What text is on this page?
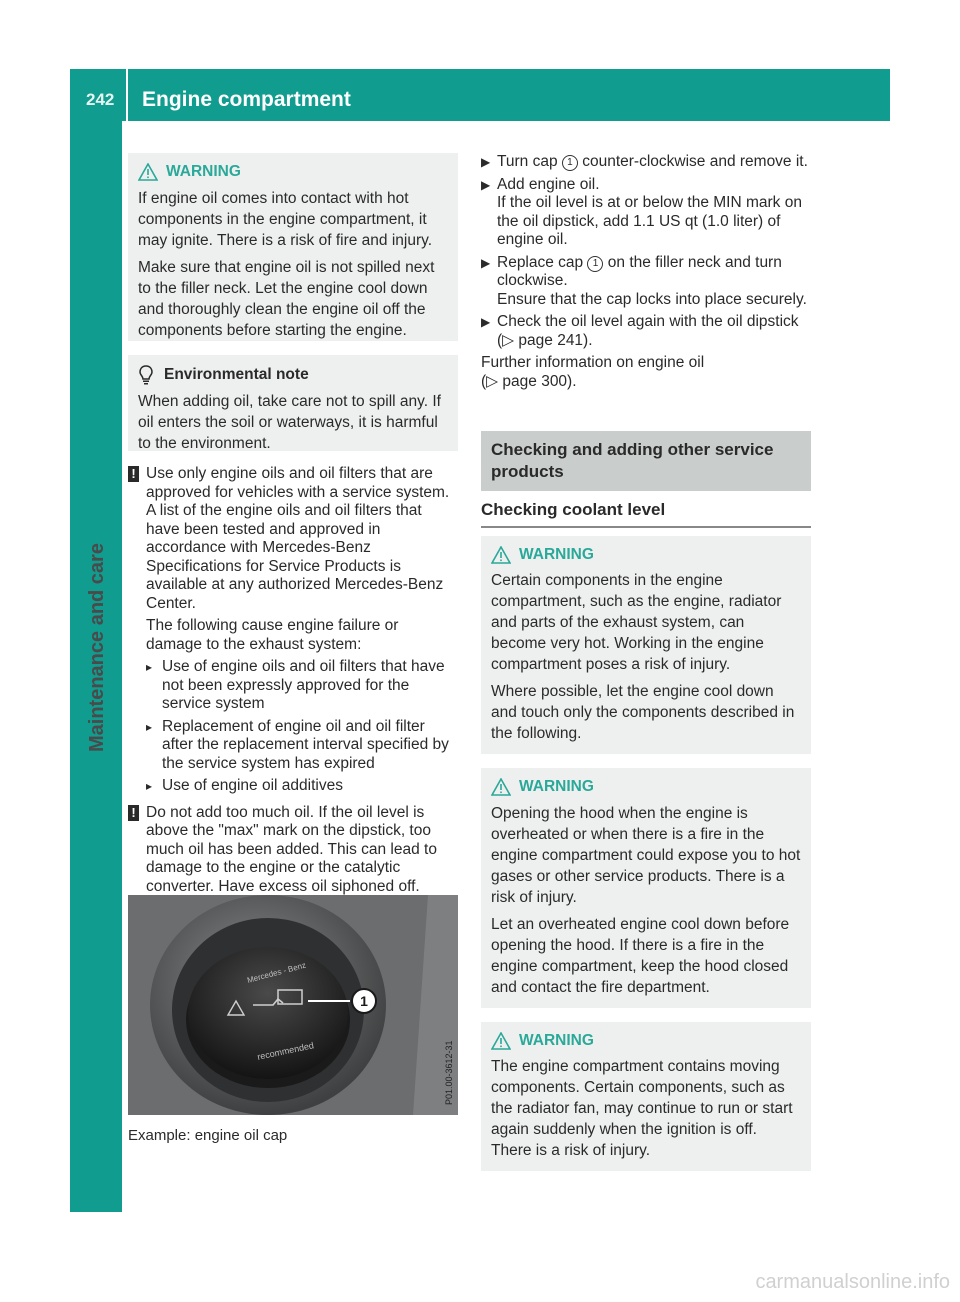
242 Engine compartment
Maintenance and care
WARNING

If engine oil comes into contact with hot components in the engine compartment, it may ignite. There is a risk of fire and injury.

Make sure that engine oil is not spilled next to the filler neck. Let the engine cool down and thoroughly clean the engine oil off the components before starting the engine.

Environmental note

When adding oil, take care not to spill any. If oil enters the soil or waterways, it is harmful to the environment.

! Use only engine oils and oil filters that are approved for vehicles with a service system. A list of the engine oils and oil filters that have been tested and approved in accordance with Mercedes-Benz Specifications for Service Products is available at any authorized Mercedes-Benz Center.

The following cause engine failure or damage to the exhaust system:

▸ Use of engine oils and oil filters that have not been expressly approved for the service system
▸ Replacement of engine oil and oil filter after the replacement interval specified by the service system has expired
▸ Use of engine oil additives
! Do not add too much oil. If the oil level is above the "max" mark on the dipstick, too much oil has been added. This can lead to damage to the engine or the catalytic converter. Have excess oil siphoned off.

1
Mercedes - Benz
recommended	P01.00-3612-31
Example: engine oil cap
▶ Turn cap 1 counter-clockwise and remove it.
▶ Add engine oil.
If the oil level is at or below the MIN mark on the oil dipstick, add 1.1 US qt (1.0 liter) of engine oil.
▶ Replace cap 1 on the filler neck and turn clockwise.
Ensure that the cap locks into place securely.
▶ Check the oil level again with the oil dipstick (▷ page 241).
Further information on engine oil
(▷ page 300).
Checking and adding other service products
Checking coolant level
WARNING

Certain components in the engine compartment, such as the engine, radiator and parts of the exhaust system, can become very hot. Working in the engine compartment poses a risk of injury.

Where possible, let the engine cool down and touch only the components described in the following.

WARNING

Opening the hood when the engine is overheated or when there is a fire in the engine compartment could expose you to hot gases or other service products. There is a risk of injury.

Let an overheated engine cool down before opening the hood. If there is a fire in the engine compartment, keep the hood closed and contact the fire department.

WARNING

The engine compartment contains moving components. Certain components, such as the radiator fan, may continue to run or start again suddenly when the ignition is off. There is a risk of injury.

carmanualsonline.info
